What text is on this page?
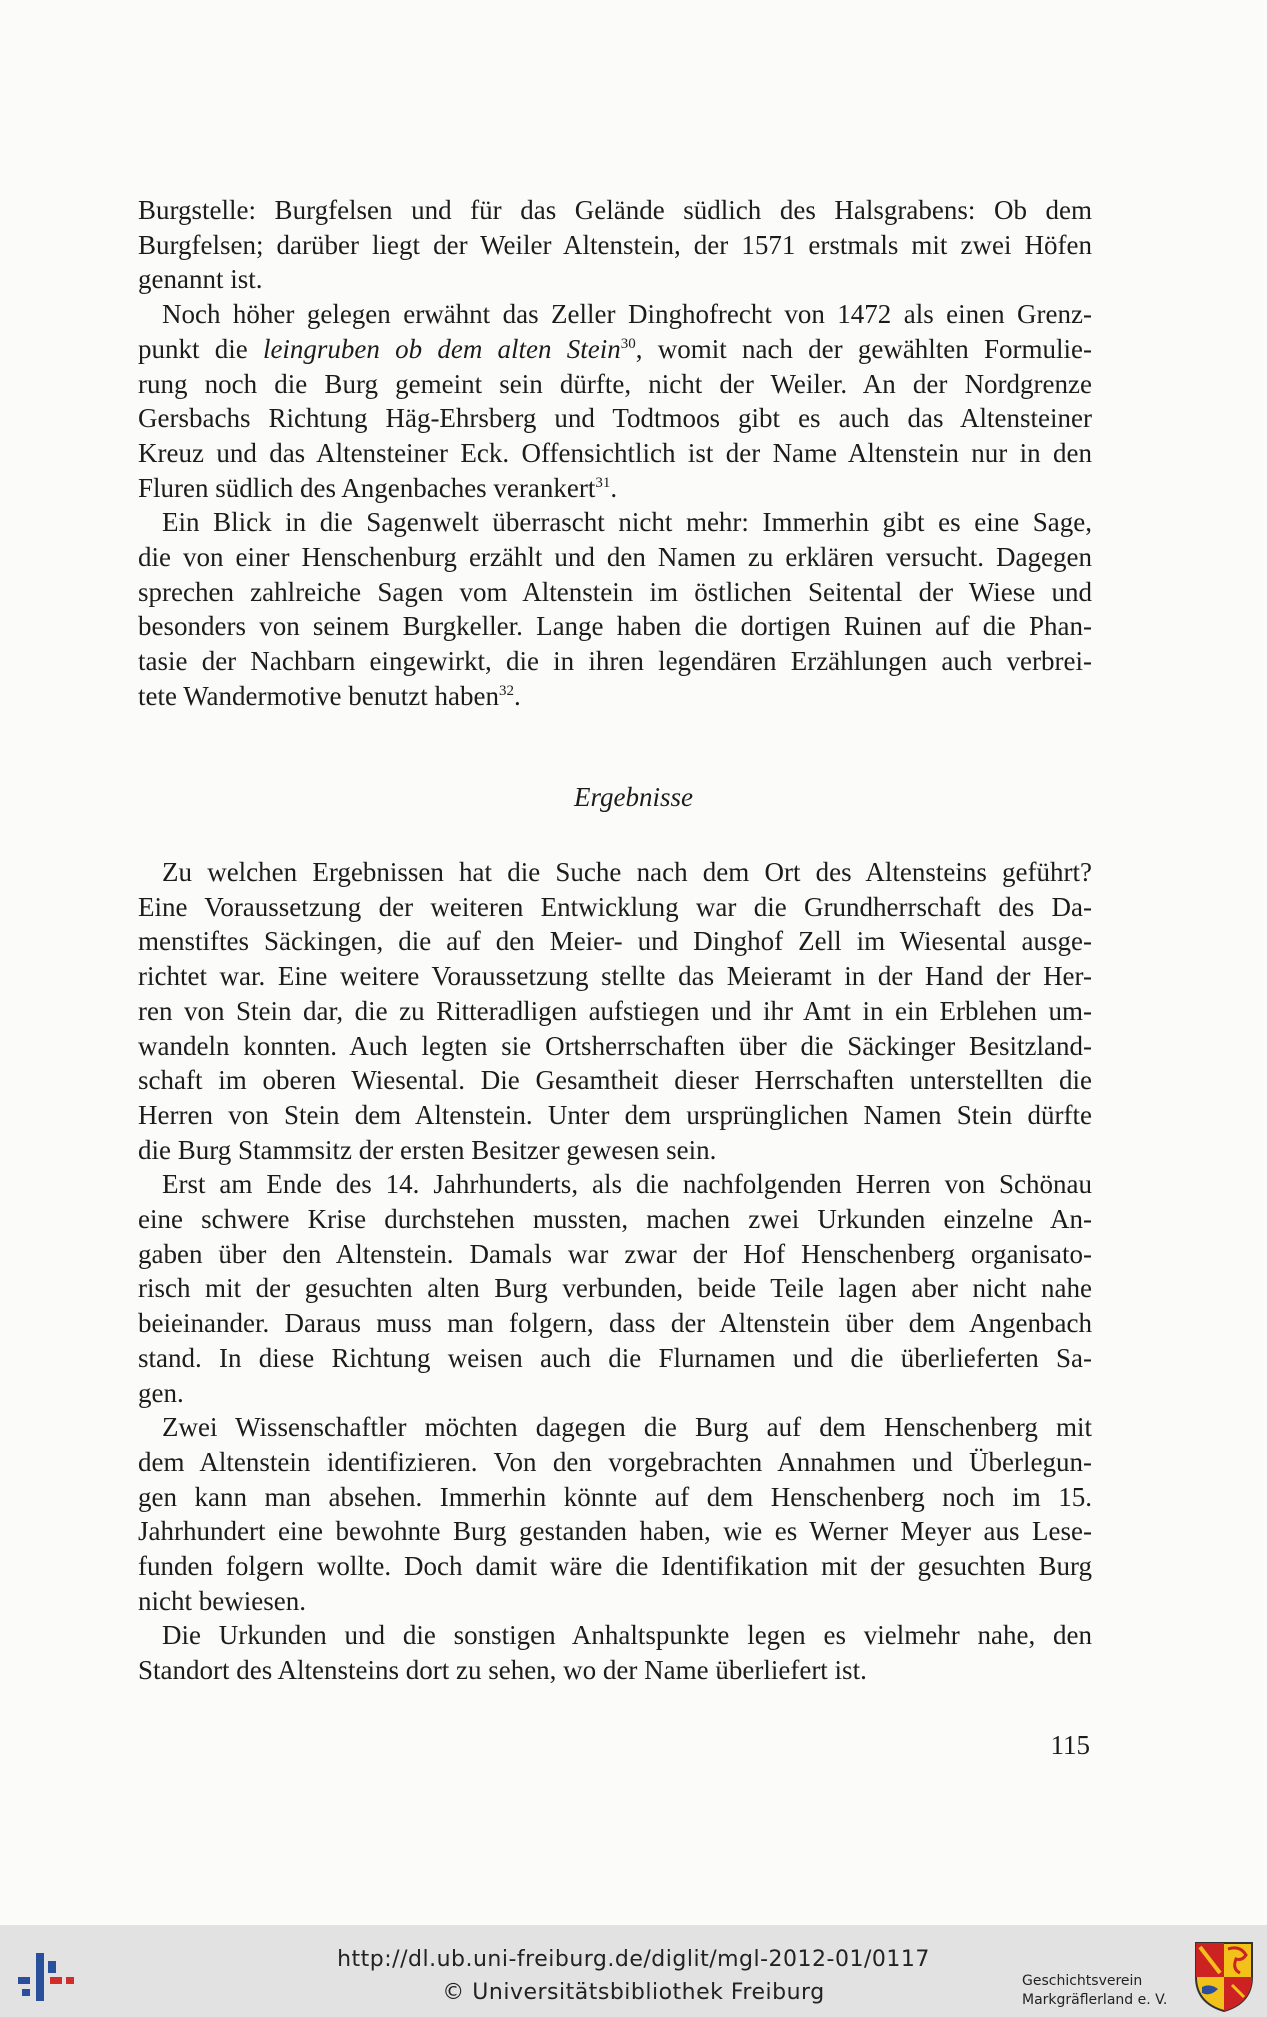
Burgstelle: Burgfelsen und für das Gelände südlich des Halsgrabens: Ob dem
Burgfelsen; darüber liegt der Weiler Altenstein, der 1571 erstmals mit zwei Höfen
genannt ist.

Noch höher gelegen erwähnt das Zeller Dinghofrecht von 1472 als einen Grenz-
punkt die leingruben ob dem alten Stein$^{30}$, womit nach der gewählten Formulie-
rung noch die Burg gemeint sein dürfte, nicht der Weiler. An der Nordgrenze
Gersbachs Richtung Häg-Ehrsberg und Todtmoos gibt es auch das Altensteiner
Kreuz und das Altensteiner Eck. Offensichtlich ist der Name Altenstein nur in den
Fluren südlich des Angenbaches verankert$^{31}$.

Ein Blick in die Sagenwelt überrascht nicht mehr: Immerhin gibt es eine Sage,
die von einer Henschenburg erzählt und den Namen zu erklären versucht. Dagegen
sprechen zahlreiche Sagen vom Altenstein im östlichen Seitental der Wiese und
besonders von seinem Burgkeller. Lange haben die dortigen Ruinen auf die Phan-
tasie der Nachbarn eingewirkt, die in ihren legendären Erzählungen auch verbrei-
tete Wandermotive benutzt haben$^{32}$.

Ergebnisse

Zu welchen Ergebnissen hat die Suche nach dem Ort des Altensteins geführt?
Eine Voraussetzung der weiteren Entwicklung war die Grundherrschaft des Da-
menstiftes Säckingen, die auf den Meier- und Dinghof Zell im Wiesental ausge-
richtet war. Eine weitere Voraussetzung stellte das Meieramt in der Hand der Her-
ren von Stein dar, die zu Ritteradligen aufstiegen und ihr Amt in ein Erblehen um-
wandeln konnten. Auch legten sie Ortsherrschaften über die Säckinger Besitzland-
schaft im oberen Wiesental. Die Gesamtheit dieser Herrschaften unterstellten die
Herren von Stein dem Altenstein. Unter dem ursprünglichen Namen Stein dürfte
die Burg Stammsitz der ersten Besitzer gewesen sein.

Erst am Ende des 14. Jahrhunderts, als die nachfolgenden Herren von Schönau
eine schwere Krise durchstehen mussten, machen zwei Urkunden einzelne An-
gaben über den Altenstein. Damals war zwar der Hof Henschenberg organisato-
risch mit der gesuchten alten Burg verbunden, beide Teile lagen aber nicht nahe
beieinander. Daraus muss man folgern, dass der Altenstein über dem Angenbach
stand. In diese Richtung weisen auch die Flurnamen und die überlieferten Sa-
gen.

Zwei Wissenschaftler möchten dagegen die Burg auf dem Henschenberg mit
dem Altenstein identifizieren. Von den vorgebrachten Annahmen und Überlegun-
gen kann man absehen. Immerhin könnte auf dem Henschenberg noch im 15.
Jahrhundert eine bewohnte Burg gestanden haben, wie es Werner Meyer aus Lese-
funden folgern wollte. Doch damit wäre die Identifikation mit der gesuchten Burg
nicht bewiesen.

Die Urkunden und die sonstigen Anhaltspunkte legen es vielmehr nahe, den
Standort des Altensteins dort zu sehen, wo der Name überliefert ist.

115
http://dl.ub.uni-freiburg.de/diglit/mgl-2012-01/0117
© Universitätsbibliothek Freiburg	Geschichtsverein
Markgräflerland e. V.
